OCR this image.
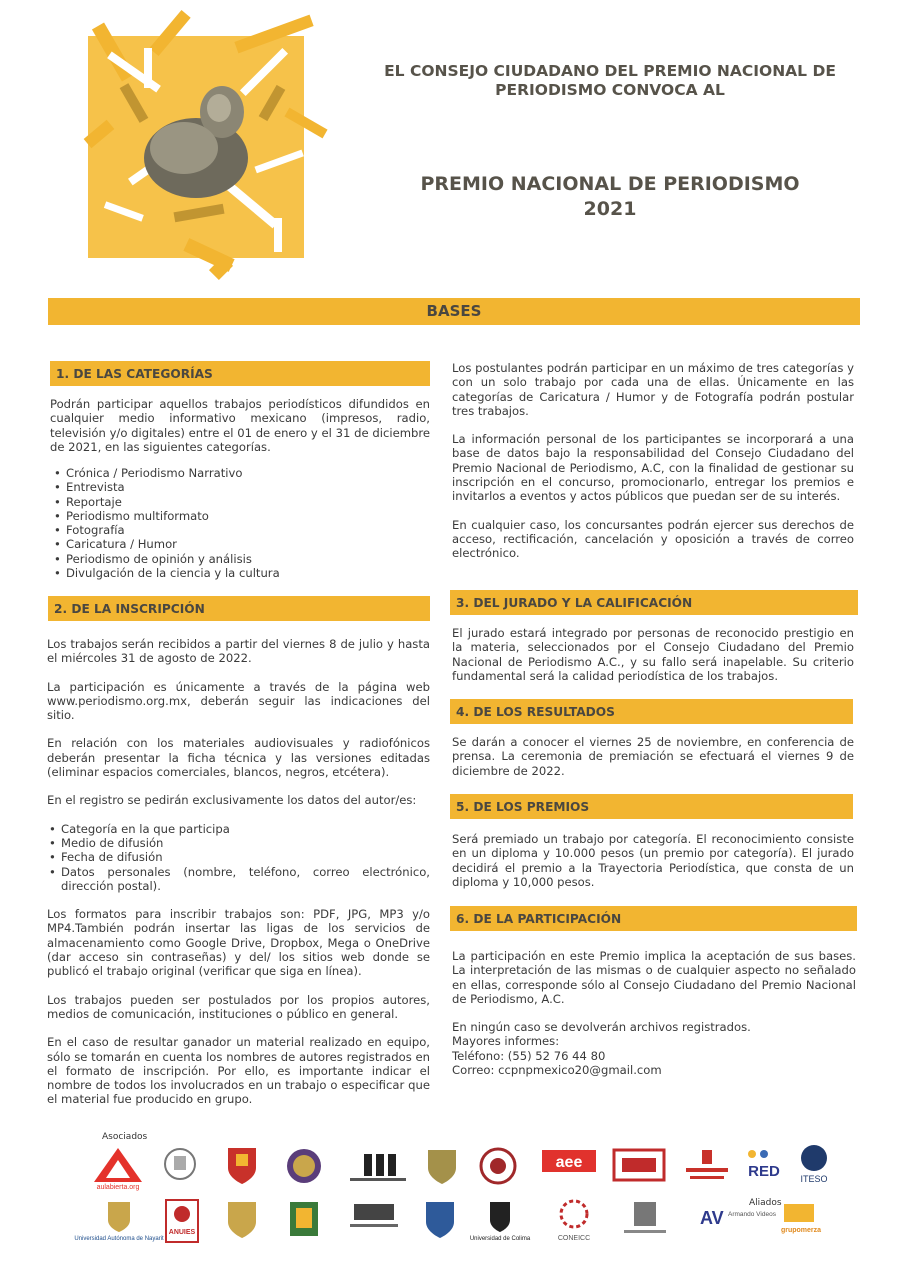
EL CONSEJO CIUDADANO DEL PREMIO NACIONAL DE
PERIODISMO CONVOCA AL
PREMIO NACIONAL DE PERIODISMO
2021
BASES
1. DE LAS CATEGORÍAS
Podrán participar aquellos trabajos periodísticos difundidos en cualquier medio informativo mexicano (impresos, radio, televisión y/o digitales) entre el 01 de enero y el 31 de diciembre de 2021, en las siguientes categorías.
• Crónica / Periodismo Narrativo
• Entrevista
• Reportaje
• Periodismo multiformato
• Fotografía
• Caricatura / Humor
• Periodismo de opinión y análisis
• Divulgación de la ciencia y la cultura
2. DE LA INSCRIPCIÓN

Los trabajos serán recibidos a partir del viernes 8 de julio y hasta el miércoles 31 de agosto de 2022.

La participación es únicamente a través de la página web www.periodismo.org.mx, deberán seguir las indicaciones del sitio.

En relación con los materiales audiovisuales y radiofónicos deberán presentar la ficha técnica y las versiones editadas (eliminar espacios comerciales, blancos, negros, etcétera).

En el registro se pedirán exclusivamente los datos del autor/es:

• Categoría en la que participa
• Medio de difusión
• Fecha de difusión
• Datos personales (nombre, teléfono, correo electrónico, dirección postal).

Los formatos para inscribir trabajos son: PDF, JPG, MP3 y/o MP4.También podrán insertar las ligas de los servicios de almacenamiento como Google Drive, Dropbox, Mega o OneDrive (dar acceso sin contraseñas) y del/ los sitios web donde se publicó el trabajo original (verificar que siga en línea).

Los trabajos pueden ser postulados por los propios autores, medios de comunicación, instituciones o público en general.

En el caso de resultar ganador un material realizado en equipo, sólo se tomarán en cuenta los nombres de autores registrados en el formato de inscripción. Por ello, es importante indicar el nombre de todos los involucrados en un trabajo o especificar que el material fue producido en grupo.

Los postulantes podrán participar en un máximo de tres categorías y con un solo trabajo por cada una de ellas. Únicamente en las categorías de Caricatura / Humor y de Fotografía podrán postular tres trabajos.

La información personal de los participantes se incorporará a una base de datos bajo la responsabilidad del Consejo Ciudadano del Premio Nacional de Periodismo, A.C, con la finalidad de gestionar su inscripción en el concurso, promocionarlo, entregar los premios e invitarlos a eventos y actos públicos que puedan ser de su interés.

En cualquier caso, los concursantes podrán ejercer sus derechos de acceso, rectificación, cancelación y oposición a través de correo electrónico.

3. DEL JURADO Y LA CALIFICACIÓN
El jurado estará integrado por personas de reconocido prestigio en la materia, seleccionados por el Consejo Ciudadano del Premio Nacional de Periodismo A.C., y su fallo será inapelable. Su criterio fundamental será la calidad periodística de los trabajos.
4. DE LOS RESULTADOS
Se darán a conocer el viernes 25 de noviembre, en conferencia de prensa. La ceremonia de premiación se efectuará el viernes 9 de diciembre de 2022.
5. DE LOS PREMIOS
Será premiado un trabajo por categoría. El reconocimiento consiste en un diploma y 10.000 pesos (un premio por categoría). El jurado decidirá el premio a la Trayectoria Periodística, que consta de un diploma y 10,000 pesos.
6. DE LA PARTICIPACIÓN

La participación en este Premio implica la aceptación de sus bases. La interpretación de las mismas o de cualquier aspecto no señalado en ellas, corresponde sólo al Consejo Ciudadano del Premio Nacional de Periodismo, A.C.

En ningún caso se devolverán archivos registrados.
Mayores informes:
Teléfono: (55) 52 76 44 80
Correo: ccpnpmexico20@gmail.com
Asociados
Aliados
aulabierta.org
aee
RED ITESO
Universidad Autónoma de Nayarit
ANUIES
Universidad de Colima	CONEICC
AV Armando Videos
grupomerza
